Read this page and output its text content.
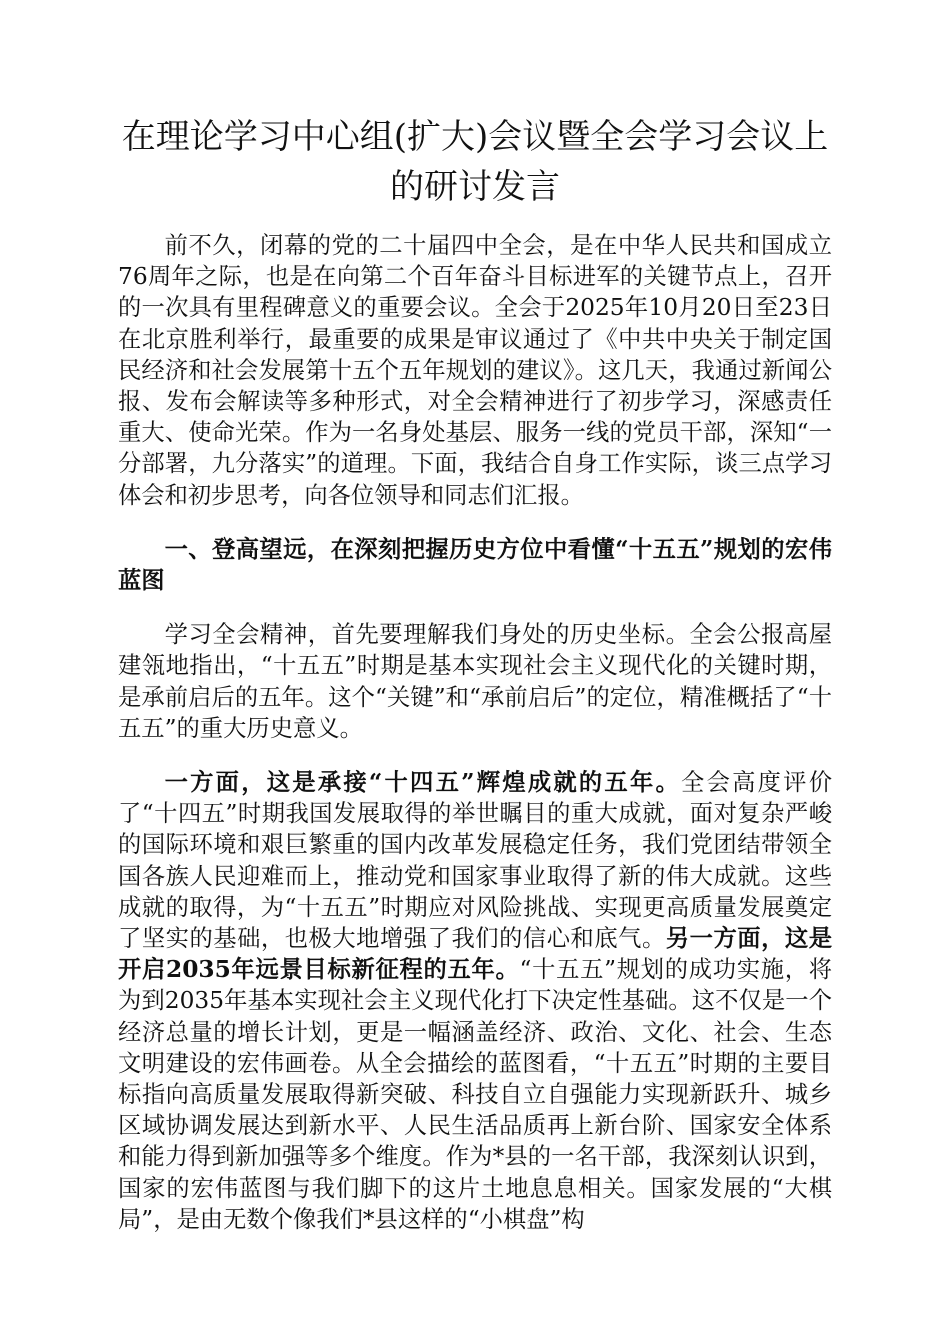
在理论学习中心组(扩大)会议暨全会学习会议上的研讨发言

前不久，闭幕的党的二十届四中全会，是在中华人民共和国成立76周年之际，也是在向第二个百年奋斗目标进军的关键节点上，召开的一次具有里程碑意义的重要会议。全会于2025年10月20日至23日在北京胜利举行，最重要的成果是审议通过了《中共中央关于制定国民经济和社会发展第十五个五年规划的建议》。这几天，我通过新闻公报、发布会解读等多种形式，对全会精神进行了初步学习，深感责任重大、使命光荣。作为一名身处基层、服务一线的党员干部，深知“一分部署，九分落实”的道理。下面，我结合自身工作实际，谈三点学习体会和初步思考，向各位领导和同志们汇报。

一、登高望远，在深刻把握历史方位中看懂“十五五”规划的宏伟蓝图

学习全会精神，首先要理解我们身处的历史坐标。全会公报高屋建瓴地指出，“十五五”时期是基本实现社会主义现代化的关键时期，是承前启后的五年。这个“关键”和“承前启后”的定位，精准概括了“十五五”的重大历史意义。

一方面，这是承接“十四五”辉煌成就的五年。全会高度评价了“十四五”时期我国发展取得的举世瞩目的重大成就，面对复杂严峻的国际环境和艰巨繁重的国内改革发展稳定任务，我们党团结带领全国各族人民迎难而上，推动党和国家事业取得了新的伟大成就。这些成就的取得，为“十五五”时期应对风险挑战、实现更高质量发展奠定了坚实的基础，也极大地增强了我们的信心和底气。另一方面，这是开启2035年远景目标新征程的五年。“十五五”规划的成功实施，将为到2035年基本实现社会主义现代化打下决定性基础。这不仅是一个经济总量的增长计划，更是一幅涵盖经济、政治、文化、社会、生态文明建设的宏伟画卷。从全会描绘的蓝图看，“十五五”时期的主要目标指向高质量发展取得新突破、科技自立自强能力实现新跃升、城乡区域协调发展达到新水平、人民生活品质再上新台阶、国家安全体系和能力得到新加强等多个维度。作为*县的一名干部，我深刻认识到，国家的宏伟蓝图与我们脚下的这片土地息息相关。国家发展的“大棋局”，是由无数个像我们*县这样的“小棋盘”构
